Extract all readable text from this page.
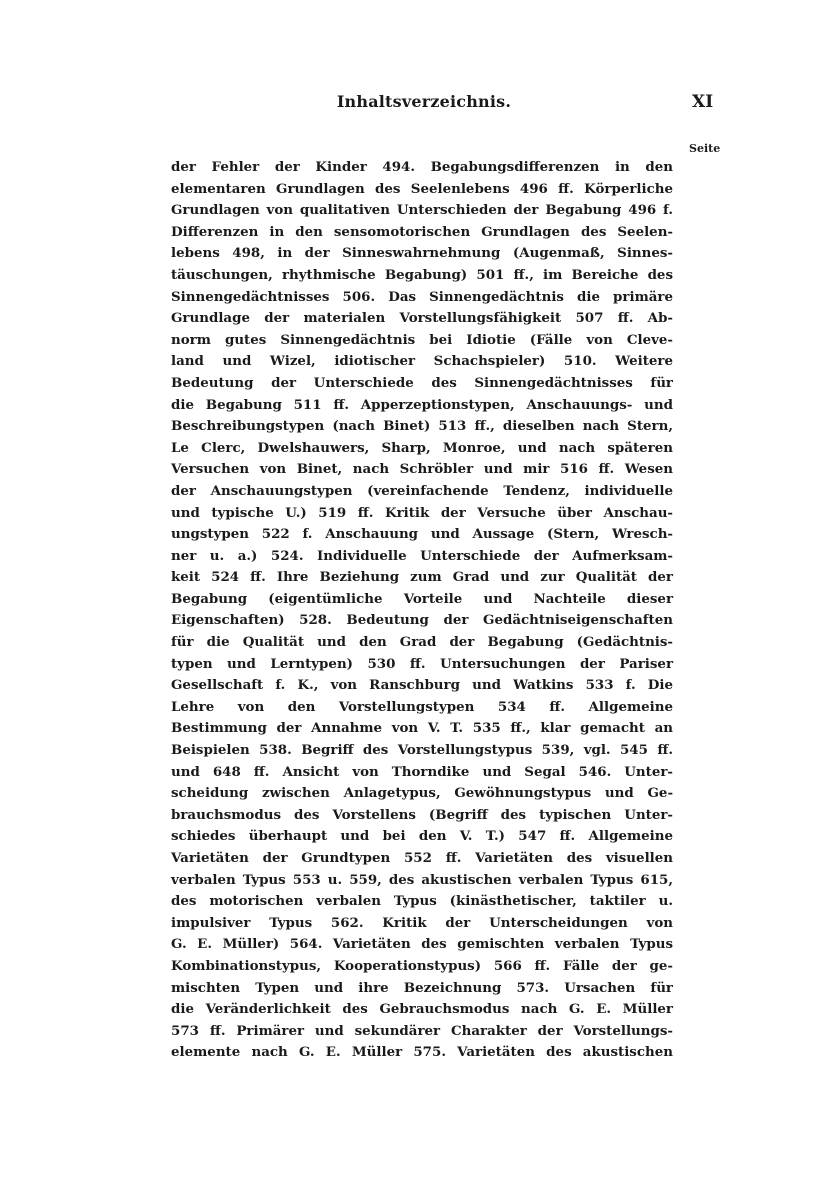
Inhaltsverzeichnis.	XI
Seite
der Fehler der Kinder 494. Begabungsdifferenzen in den
elementaren Grundlagen des Seelenlebens 496 ff. Körperliche
Grundlagen von qualitativen Unterschieden der Begabung 496 f.
Differenzen in den sensomotorischen Grundlagen des Seelen-
lebens 498, in der Sinneswahrnehmung (Augenmaß, Sinnes-
täuschungen, rhythmische Begabung) 501 ff., im Bereiche des
Sinnengedächtnisses 506. Das Sinnengedächtnis die primäre
Grundlage der materialen Vorstellungsfähigkeit 507 ff. Ab-
norm gutes Sinnengedächtnis bei Idiotie (Fälle von Cleve-
land und Wizel, idiotischer Schachspieler) 510. Weitere
Bedeutung der Unterschiede des Sinnengedächtnisses für
die Begabung 511 ff. Apperzeptionstypen, Anschauungs- und
Beschreibungstypen (nach Binet) 513 ff., dieselben nach Stern,
Le Clerc, Dwelshauwers, Sharp, Monroe, und nach späteren
Versuchen von Binet, nach Schröbler und mir 516 ff. Wesen
der Anschauungstypen (vereinfachende Tendenz, individuelle
und typische U.) 519 ff. Kritik der Versuche über Anschau-
ungstypen 522 f. Anschauung und Aussage (Stern, Wresch-
ner u. a.) 524. Individuelle Unterschiede der Aufmerksam-
keit 524 ff. Ihre Beziehung zum Grad und zur Qualität der
Begabung (eigentümliche Vorteile und Nachteile dieser
Eigenschaften) 528. Bedeutung der Gedächtniseigenschaften
für die Qualität und den Grad der Begabung (Gedächtnis-
typen und Lerntypen) 530 ff. Untersuchungen der Pariser
Gesellschaft f. K., von Ranschburg und Watkins 533 f. Die
Lehre von den Vorstellungstypen 534 ff. Allgemeine
Bestimmung der Annahme von V. T. 535 ff., klar gemacht an
Beispielen 538. Begriff des Vorstellungstypus 539, vgl. 545 ff.
und 648 ff. Ansicht von Thorndike und Segal 546. Unter-
scheidung zwischen Anlagetypus, Gewöhnungstypus und Ge-
brauchsmodus des Vorstellens (Begriff des typischen Unter-
schiedes überhaupt und bei den V. T.) 547 ff. Allgemeine
Varietäten der Grundtypen 552 ff. Varietäten des visuellen
verbalen Typus 553 u. 559, des akustischen verbalen Typus 615,
des motorischen verbalen Typus (kinästhetischer, taktiler u.
impulsiver Typus 562. Kritik der Unterscheidungen von
G. E. Müller) 564. Varietäten des gemischten verbalen Typus
Kombinationstypus, Kooperationstypus) 566 ff. Fälle der ge-
mischten Typen und ihre Bezeichnung 573. Ursachen für
die Veränderlichkeit des Gebrauchsmodus nach G. E. Müller
573 ff. Primärer und sekundärer Charakter der Vorstellungs-
elemente nach G. E. Müller 575. Varietäten des akustischen
